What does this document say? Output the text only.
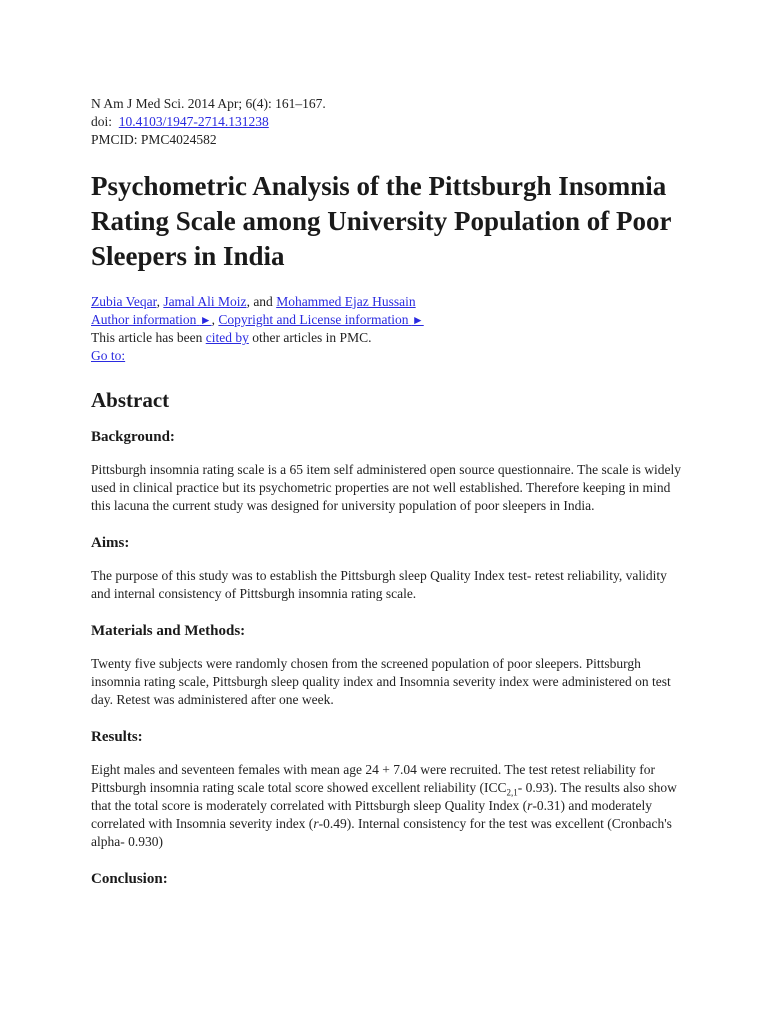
N Am J Med Sci. 2014 Apr; 6(4): 161–167.
doi: 10.4103/1947-2714.131238
PMCID: PMC4024582
Psychometric Analysis of the Pittsburgh Insomnia Rating Scale among University Population of Poor Sleepers in India
Zubia Veqar, Jamal Ali Moiz, and Mohammed Ejaz Hussain
Author information ►, Copyright and License information ►
This article has been cited by other articles in PMC.
Go to:
Abstract
Background:

Pittsburgh insomnia rating scale is a 65 item self administered open source questionnaire. The scale is widely used in clinical practice but its psychometric properties are not well established. Therefore keeping in mind this lacuna the current study was designed for university population of poor sleepers in India.

Aims:

The purpose of this study was to establish the Pittsburgh sleep Quality Index test- retest reliability, validity and internal consistency of Pittsburgh insomnia rating scale.

Materials and Methods:

Twenty five subjects were randomly chosen from the screened population of poor sleepers. Pittsburgh insomnia rating scale, Pittsburgh sleep quality index and Insomnia severity index were administered on test day. Retest was administered after one week.

Results:

Eight males and seventeen females with mean age 24 + 7.04 were recruited. The test retest reliability for Pittsburgh insomnia rating scale total score showed excellent reliability ($ICC_{2,1}-$ 0.93). The results also show that the total score is moderately correlated with Pittsburgh sleep Quality Index (r-0.31) and moderately correlated with Insomnia severity index (r-0.49). Internal consistency for the test was excellent (Cronbach's alpha- 0.930)

Conclusion:
